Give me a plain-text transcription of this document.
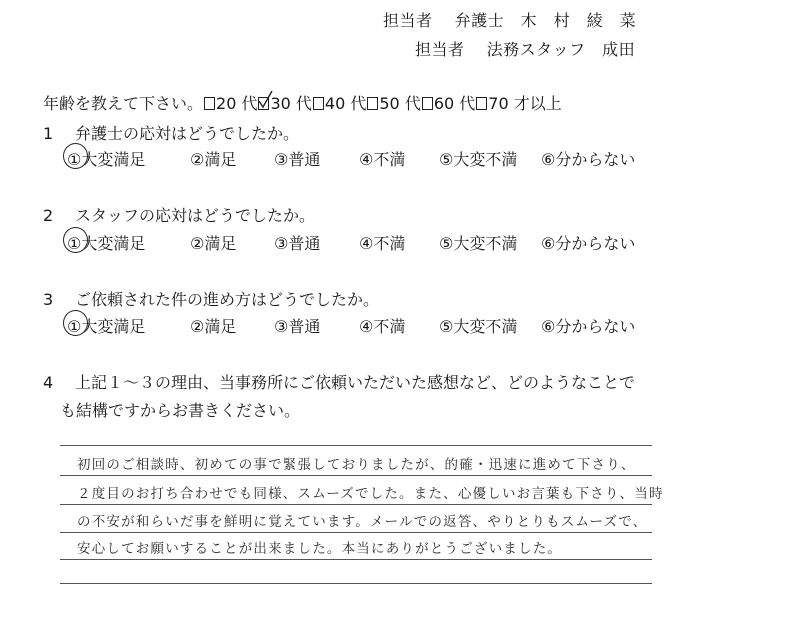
担当者　 弁護士　木　村　綾　菜
担当者　 法務スタッフ　成田
年齢を教えて下さい。 20 代 30 代 40 代 50 代 60 代 70 才以上
1 弁護士の応対はどうでしたか。
①大変満足	②満足 ③普通 ④不満 ⑤大変不満 ⑥分からない
2 スタッフの応対はどうでしたか。
①大変満足	②満足 ③普通 ④不満 ⑤大変不満 ⑥分からない
3 ご依頼された件の進め方はどうでしたか。
①大変満足	②満足 ③普通 ④不満 ⑤大変不満 ⑥分からない
4 上記１～３の理由、当事務所にご依頼いただいた感想など、どのようなことで
も結構ですからお書きください。
初回のご相談時、初めての事で緊張しておりましたが、的確・迅速に進めて下さり、
２度目のお打ち合わせでも同様、スムーズでした。また、心優しいお言葉も下さり、当時
の不安が和らいだ事を鮮明に覚えています。メールでの返答、やりとりもスムーズで、
安心してお願いすることが出来ました。本当にありがとうございました。
